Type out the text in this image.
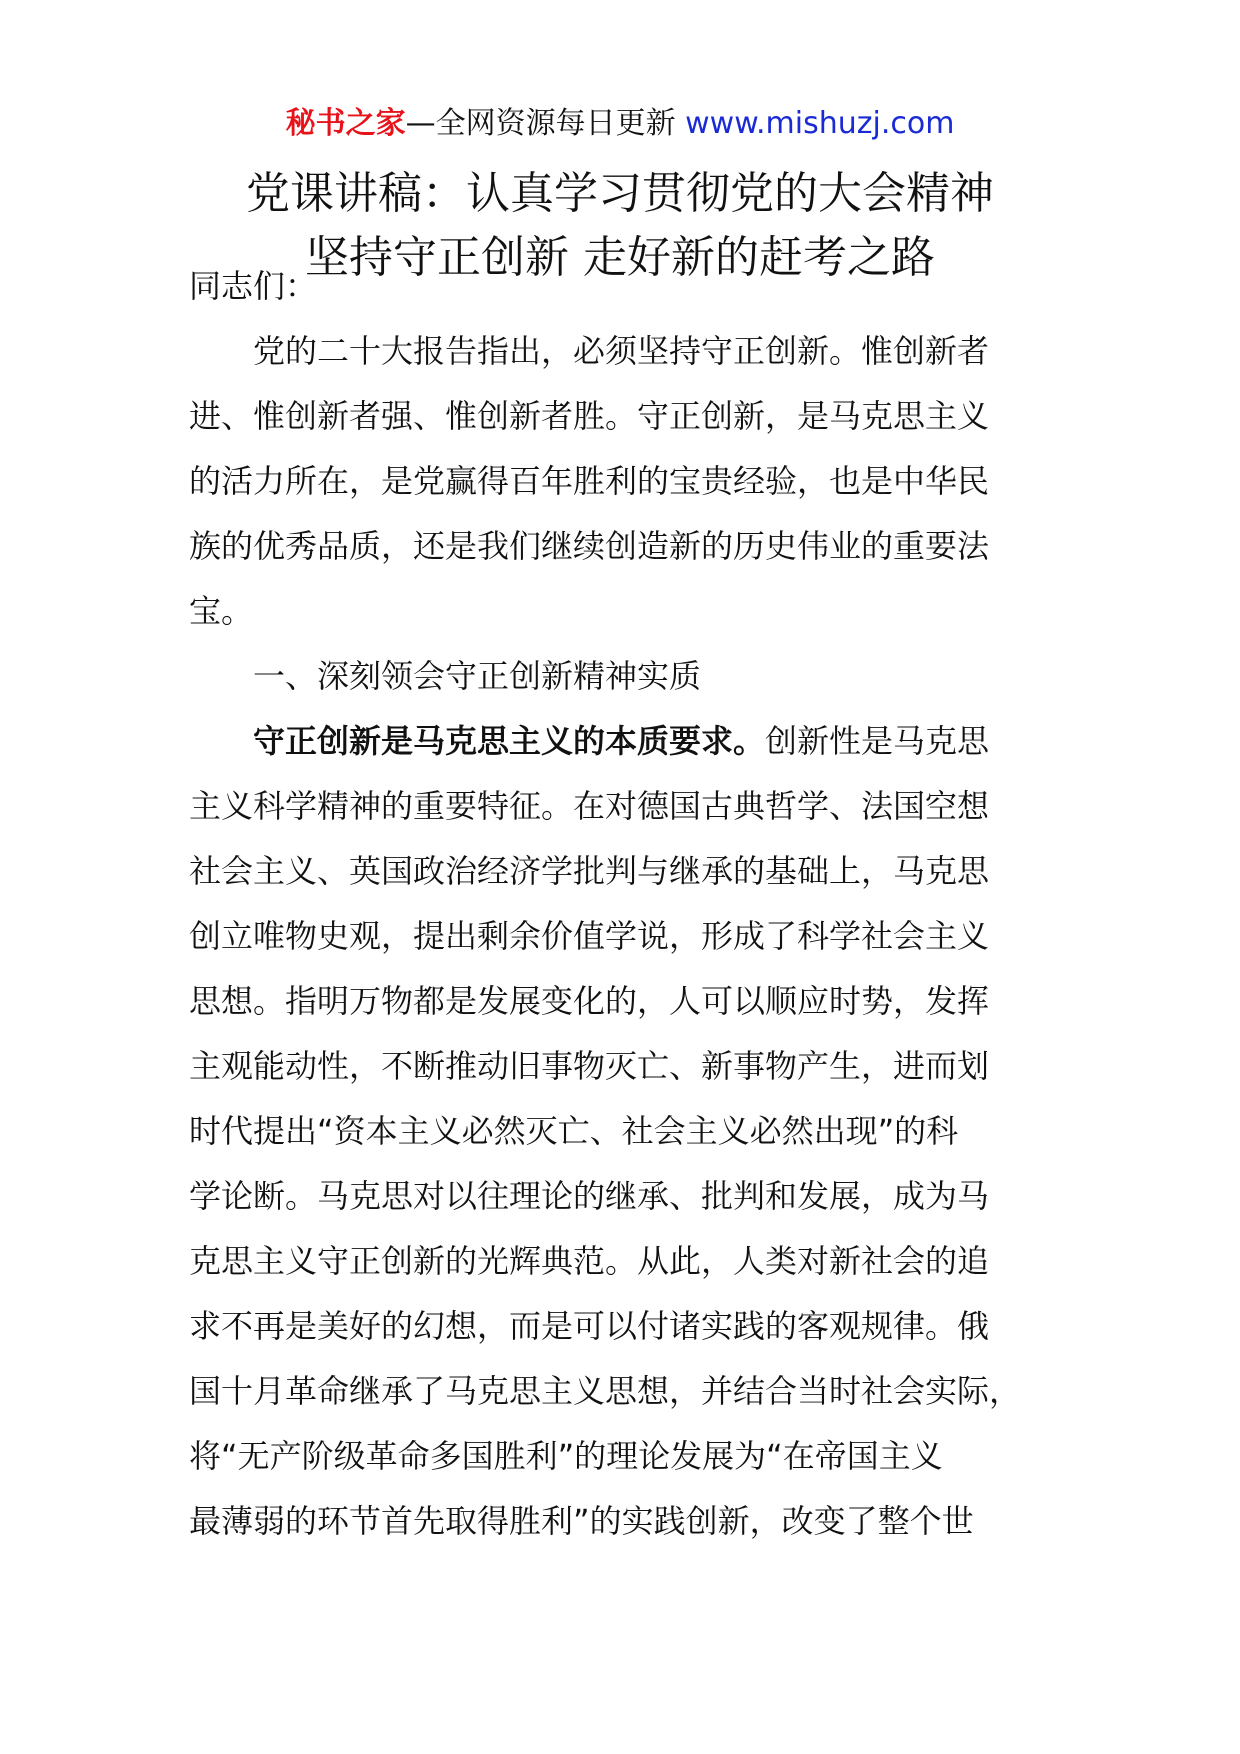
秘书之家—全网资源每日更新 www.mishuzj.com
党课讲稿：认真学习贯彻党的大会精神
坚持守正创新 走好新的赶考之路
同志们：
党的二十大报告指出，必须坚持守正创新。惟创新者
进、惟创新者强、惟创新者胜。守正创新，是马克思主义
的活力所在，是党赢得百年胜利的宝贵经验，也是中华民
族的优秀品质，还是我们继续创造新的历史伟业的重要法
宝。
一、深刻领会守正创新精神实质
守正创新是马克思主义的本质要求。创新性是马克思
主义科学精神的重要特征。在对德国古典哲学、法国空想
社会主义、英国政治经济学批判与继承的基础上，马克思
创立唯物史观，提出剩余价值学说，形成了科学社会主义
思想。指明万物都是发展变化的，人可以顺应时势，发挥
主观能动性，不断推动旧事物灭亡、新事物产生，进而划
时代提出“资本主义必然灭亡、社会主义必然出现”的科
学论断。马克思对以往理论的继承、批判和发展，成为马
克思主义守正创新的光辉典范。从此，人类对新社会的追
求不再是美好的幻想，而是可以付诸实践的客观规律。俄
国十月革命继承了马克思主义思想，并结合当时社会实际，
将“无产阶级革命多国胜利”的理论发展为“在帝国主义
最薄弱的环节首先取得胜利”的实践创新，改变了整个世
